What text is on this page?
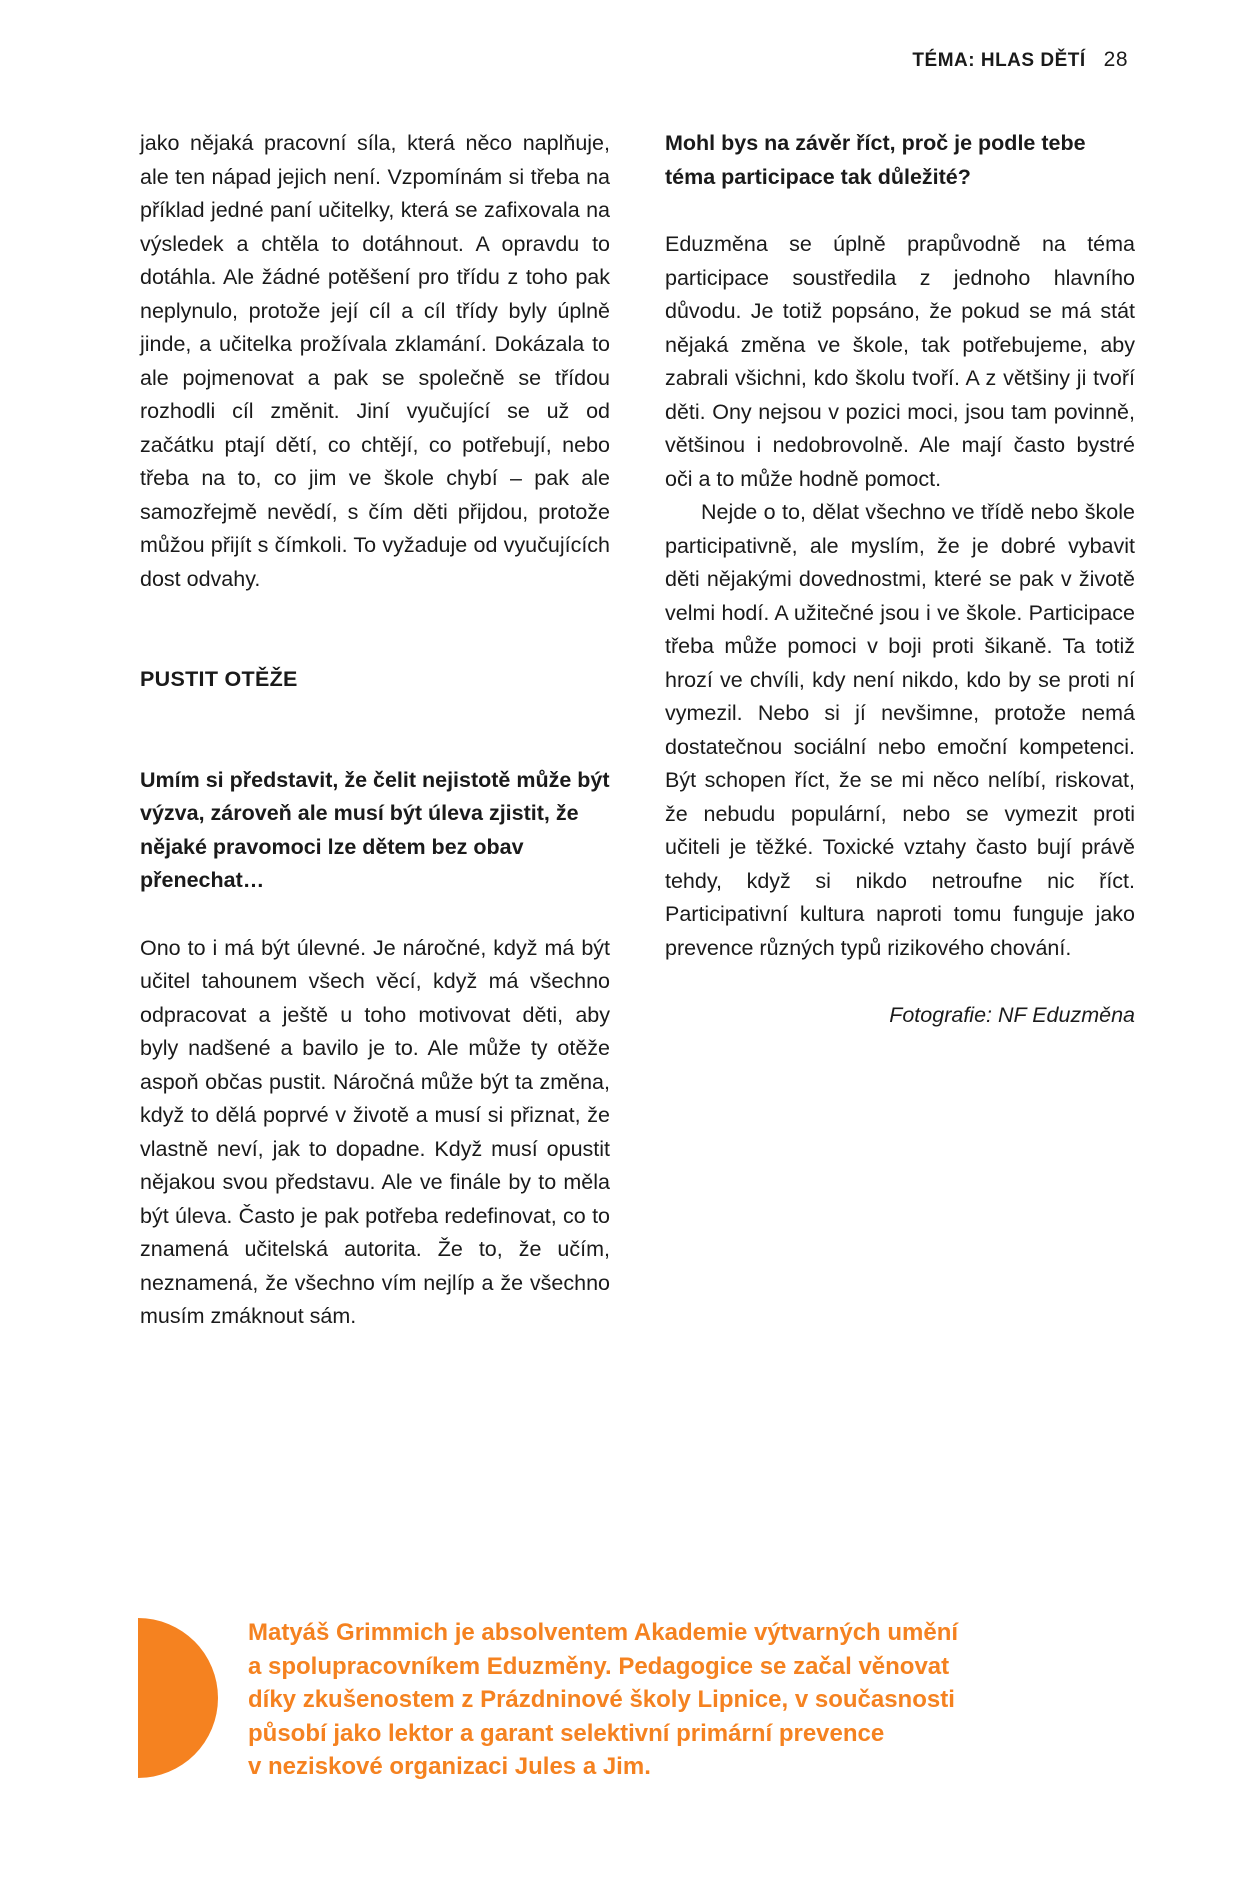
TÉMA: HLAS DĚTÍ 28

jako nějaká pracovní síla, která něco naplňuje, ale ten nápad jejich není. Vzpomínám si třeba na příklad jedné paní učitelky, která se zafixovala na výsledek a chtěla to dotáhnout. A opravdu to dotáhla. Ale žádné potěšení pro třídu z toho pak neplynulo, protože její cíl a cíl třídy byly úplně jinde, a učitelka prožívala zklamání. Dokázala to ale pojmenovat a pak se společně se třídou rozhodli cíl změnit. Jiní vyučující se už od začátku ptají dětí, co chtějí, co potřebují, nebo třeba na to, co jim ve škole chybí – pak ale samozřejmě nevědí, s čím děti přijdou, protože můžou přijít s čímkoli. To vyžaduje od vyučujících dost odvahy.

PUSTIT OTĚŽE

Umím si představit, že čelit nejistotě může být výzva, zároveň ale musí být úleva zjistit, že nějaké pravomoci lze dětem bez obav přenechat…

Ono to i má být úlevné. Je náročné, když má být učitel tahounem všech věcí, když má všechno odpracovat a ještě u toho motivovat děti, aby byly nadšené a bavilo je to. Ale může ty otěže aspoň občas pustit. Náročná může být ta změna, když to dělá poprvé v životě a musí si přiznat, že vlastně neví, jak to dopadne. Když musí opustit nějakou svou představu. Ale ve finále by to měla být úleva. Často je pak potřeba redefinovat, co to znamená učitelská autorita. Že to, že učím, neznamená, že všechno vím nejlíp a že všechno musím zmáknout sám.

Mohl bys na závěr říct, proč je podle tebe téma participace tak důležité?

Eduzměna se úplně prapůvodně na téma participace soustředila z jednoho hlavního důvodu. Je totiž popsáno, že pokud se má stát nějaká změna ve škole, tak potřebujeme, aby zabrali všichni, kdo školu tvoří. A z většiny ji tvoří děti. Ony nejsou v pozici moci, jsou tam povinně, většinou i nedobrovolně. Ale mají často bystré oči a to může hodně pomoct.

Nejde o to, dělat všechno ve třídě nebo škole participativně, ale myslím, že je dobré vybavit děti nějakými dovednostmi, které se pak v životě velmi hodí. A užitečné jsou i ve škole. Participace třeba může pomoci v boji proti šikaně. Ta totiž hrozí ve chvíli, kdy není nikdo, kdo by se proti ní vymezil. Nebo si jí nevšimne, protože nemá dostatečnou sociální nebo emoční kompetenci. Být schopen říct, že se mi něco nelíbí, riskovat, že nebudu populární, nebo se vymezit proti učiteli je těžké. Toxické vztahy často bují právě tehdy, když si nikdo netroufne nic říct. Participativní kultura naproti tomu funguje jako prevence různých typů rizikového chování.

Fotografie: NF Eduzměna

Matyáš Grimmich je absolventem Akademie výtvarných umění
a spolupracovníkem Eduzměny. Pedagogice se začal věnovat
díky zkušenostem z Prázdninové školy Lipnice, v současnosti
působí jako lektor a garant selektivní primární prevence
v neziskové organizaci Jules a Jim.
